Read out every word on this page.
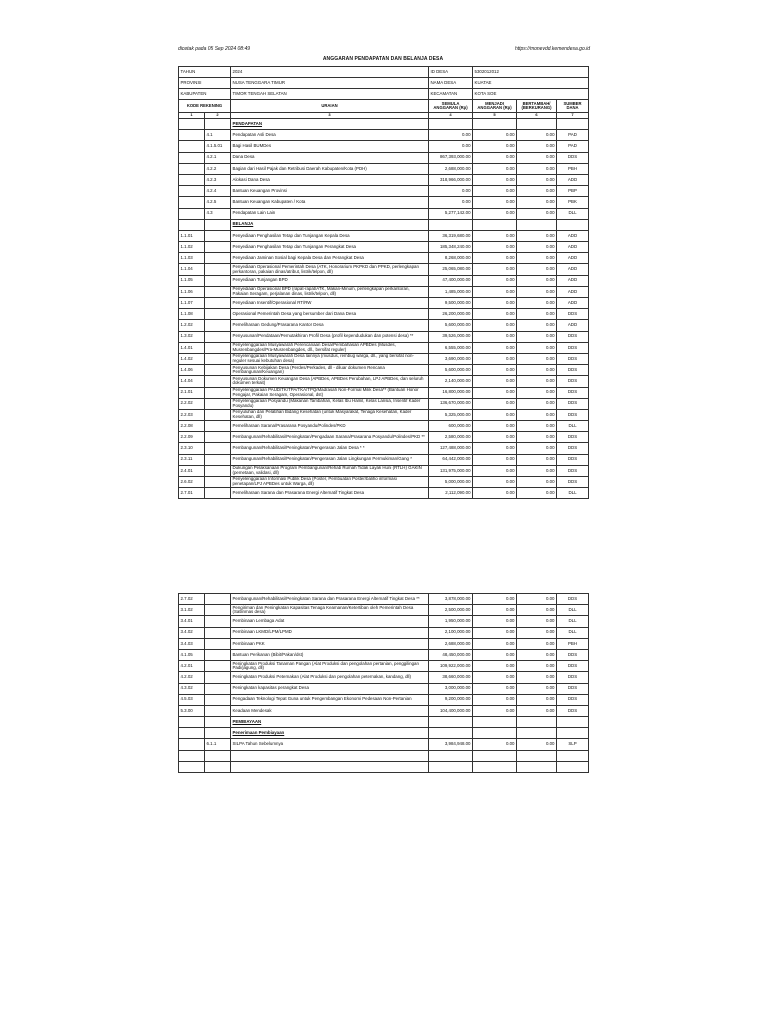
dicetak pada 05 Sep 2024 08:49	https://monevdd.kemendesa.go.id
ANGGARAN PENDAPATAN DAN BELANJA DESA
TAHUN		2024	ID DESA	5302012012		
PROVINSI		NUSA TENGGARA TIMUR	NAMA DESA	KUATAE		
KABUPATEN		TIMOR TENGAH SELATAN	KECAMATAN	KOTA SOE		
KODE REKENING		URAIAN	SEMULA ANGGARAN (Rp)	MENJADI ANGGARAN (Rp)	BERTAMBAH/ (BERKURANG)	SUMBER DANA
1	2	3	4	5	6	7
		PENDAPATAN				
	4.1	Pendapatan Asli Desa	0.00	0.00	0.00	PAD
	4.1.5.01	Bagi Hasil BUMDes	0.00	0.00	0.00	PAD
	4.2.1	Dana Desa	867,393,000.00	0.00	0.00	DDS
	4.2.2	Bagian dari Hasil Pajak dan Retribusi Daerah Kabupaten/Kota (PDH)	2,688,000.00	0.00	0.00	PBH
	4.2.3	Alokasi Dana Desa	318,966,000.00	0.00	0.00	ADD
	4.2.4	Bantuan Keuangan Provinsi	0.00	0.00	0.00	PBP
	4.2.5	Bantuan Keuangan Kabupaten / Kota	0.00	0.00	0.00	PBK
	4.3	Pendapatan Lain Lain	5,277,142.00	0.00	0.00	DLL
		BELANJA				
1.1.01		Penyediaan Penghasilan Tetap dan Tunjangan Kepala Desa	36,319,680.00	0.00	0.00	ADD
1.1.02		Penyediaan Penghasilan Tetap dan Tunjangan Perangkat Desa	185,348,240.00	0.00	0.00	ADD
1.1.03		Penyediaan Jaminan Sosial bagi Kepala Desa dan Perangkat Desa	8,268,000.00	0.00	0.00	ADD
1.1.04		Penyediaan Operasional Pemerintah Desa (ATK, Honorarium PKPKD dan PPKD, perlengkapan perkantoran, pakaian dinas/atribut, listrik/telpon, dll)	25,065,080.00	0.00	0.00	ADD
1.1.05		Penyediaan Tunjangan BPD	47,400,000.00	0.00	0.00	ADD
1.1.06		Penyediaan Operasional BPD (rapat-rapat/ATK, Makan-Minum, perlengkapan perkantoran, Pakaian Seragam, perjalanan dinas, listrik/telpon, dll)	1,485,000.00	0.00	0.00	ADD
1.1.07		Penyediaan Insentif/Operasional RT/RW	9,500,000.00	0.00	0.00	ADD
1.1.08		Operasional Pemerintah Desa yang bersumber dari Dana Desa	26,200,000.00	0.00	0.00	DDS
1.2.02		Pemeliharaan Gedung/Prasarana Kantor Desa	5,600,000.00	0.00	0.00	ADD
1.3.02		Penyusunan/Pendataan/Pemutakhiran Profil Desa (profil kependudukan dan potensi desa) **	39,526,000.00	0.00	0.00	DDS
1.4.01		Penyelenggaraan Musyawarah Perencanaan Desa/Pembahasan APBDes (Musdes, Musrenbangdes/Pra-Musrenbangdes, dll., bersifat reguler)	6,555,000.00	0.00	0.00	DDS
1.4.02		Penyelenggaraan Musyawarah Desa lainnya (musdus, rembug warga, dll., yang bersifat non-reguler sesuai kebutuhan desa)	3,690,000.00	0.00	0.00	DDS
1.4.06		Penyusunan Kebijakan Desa (Perdes/Perkades, dll - diluar dokumen Rencana Pembangunan/Keuangan)	5,600,000.00	0.00	0.00	DDS
1.4.04		Penyusunan Dokumen Keuangan Desa (APBDes, APBDes Perubahan, LPJ APBDes, dan seluruh dokumen terkait)	2,140,000.00	0.00	0.00	DDS
2.1.01		Penyelenggaraan PAUD/TK/TPA/TKA/TPQ/Madrasah Non-Formal Milik Desa** (Bantuan Honor Pengajar, Pakaian Seragam, Operasional, dst)	16,800,000.00	0.00	0.00	DDS
2.2.02		Penyelenggaraan Posyandu (Makanan Tambahan, Kelas Ibu Hamil, Kelas Lansia, Insentif Kader Posyandu)	136,670,000.00	0.00	0.00	DDS
2.2.03		Penyuluhan dan Pelatihan Bidang Kesehatan (untuk Masyarakat, Tenaga Kesehatan, Kader Kesehatan, dll)	5,325,000.00	0.00	0.00	DDS
2.2.08		Pemeliharaan Sarana/Prasarana Posyandu/Polindes/PKD	600,000.00	0.00	0.00	DLL
2.2.09		Pembangunan/Rehabilitasi/Peningkatan/Pengadaan Sarana/Prasarana Posyandu/Polindes/PKD **	2,580,000.00	0.00	0.00	DDS
2.3.10		Pembangunan/Rehabilitasi/Peningkatan/Pengerasan Jalan Desa * *	127,488,000.00	0.00	0.00	DDS
2.3.11		Pembangunan/Rehabilitasi/Peningkatan/Pengerasan Jalan Lingkungan Permukiman/Gang *	64,442,000.00	0.00	0.00	DDS
2.4.01		Dukungan Pelaksanaan Program Pembangunan/Rehab Rumah Tidak Layak Huni (RTLH) GAKIN (pemetaan, validasi, dll)	131,975,000.00	0.00	0.00	DDS
2.6.02		Penyelenggaraan Informasi Publik Desa (Poster, Pembuatan Poster/baliho informasi penetapan/LPJ APBDes untuk Warga, dll)	5,000,000.00	0.00	0.00	DDS
2.7.01		Pemeliharaan Sarana dan Prasarana Energi Alternatif Tingkat Desa	2,112,090.00	0.00	0.00	DLL
2.7.02		Pembangunan/Rehabilitasi/Peningkatan Sarana dan Prasarana Energi Alternatif Tingkat Desa **	3,878,000.00	0.00	0.00	DDS
3.1.02		Pengiriman dan Peningkatan Kapasitas Tenaga Keamanan/Ketertiban oleh Pemerintah Desa (Satlinmas desa)	2,500,000.00	0.00	0.00	DLL
3.4.01		Pembinaan Lembaga Adat	1,950,000.00	0.00	0.00	DLL
3.4.02		Pembinaan LKMD/LPM/LPMD	2,100,000.00	0.00	0.00	DLL
3.4.03		Pembinaan PKK	2,688,000.00	0.00	0.00	PBH
4.1.05		Bantuan Perikanan (Bibit/Pakan/dst)	48,450,000.00	0.00	0.00	DDS
4.2.01		Peningkatan Produksi Tanaman Pangan (Alat Produksi dan pengolahan pertanian, penggilingan Padi/jagung, dll)	109,922,000.00	0.00	0.00	DDS
4.2.02		Peningkatan Produksi Peternakan (Alat Produksi dan pengolahan peternakan, kandang, dll)	38,660,000.00	0.00	0.00	DDS
4.3.02		Peningkatan kapasitas perangkat Desa	3,000,000.00	0.00	0.00	DDS
4.5.03		Pengadaan Teknologi Tepat Guna untuk Pengembangan Ekonomi Pedesaan Non-Pertanian	9,200,000.00	0.00	0.00	DDS
5.3.00		Keadaan Mendesak	104,400,000.00	0.00	0.00	DDS
		PEMBIAYAAN				
		Penerimaan Pembiayaan				
	6.1.1	SILPA Tahun Sebelumnya	3,984,948.00	0.00	0.00	SLP
